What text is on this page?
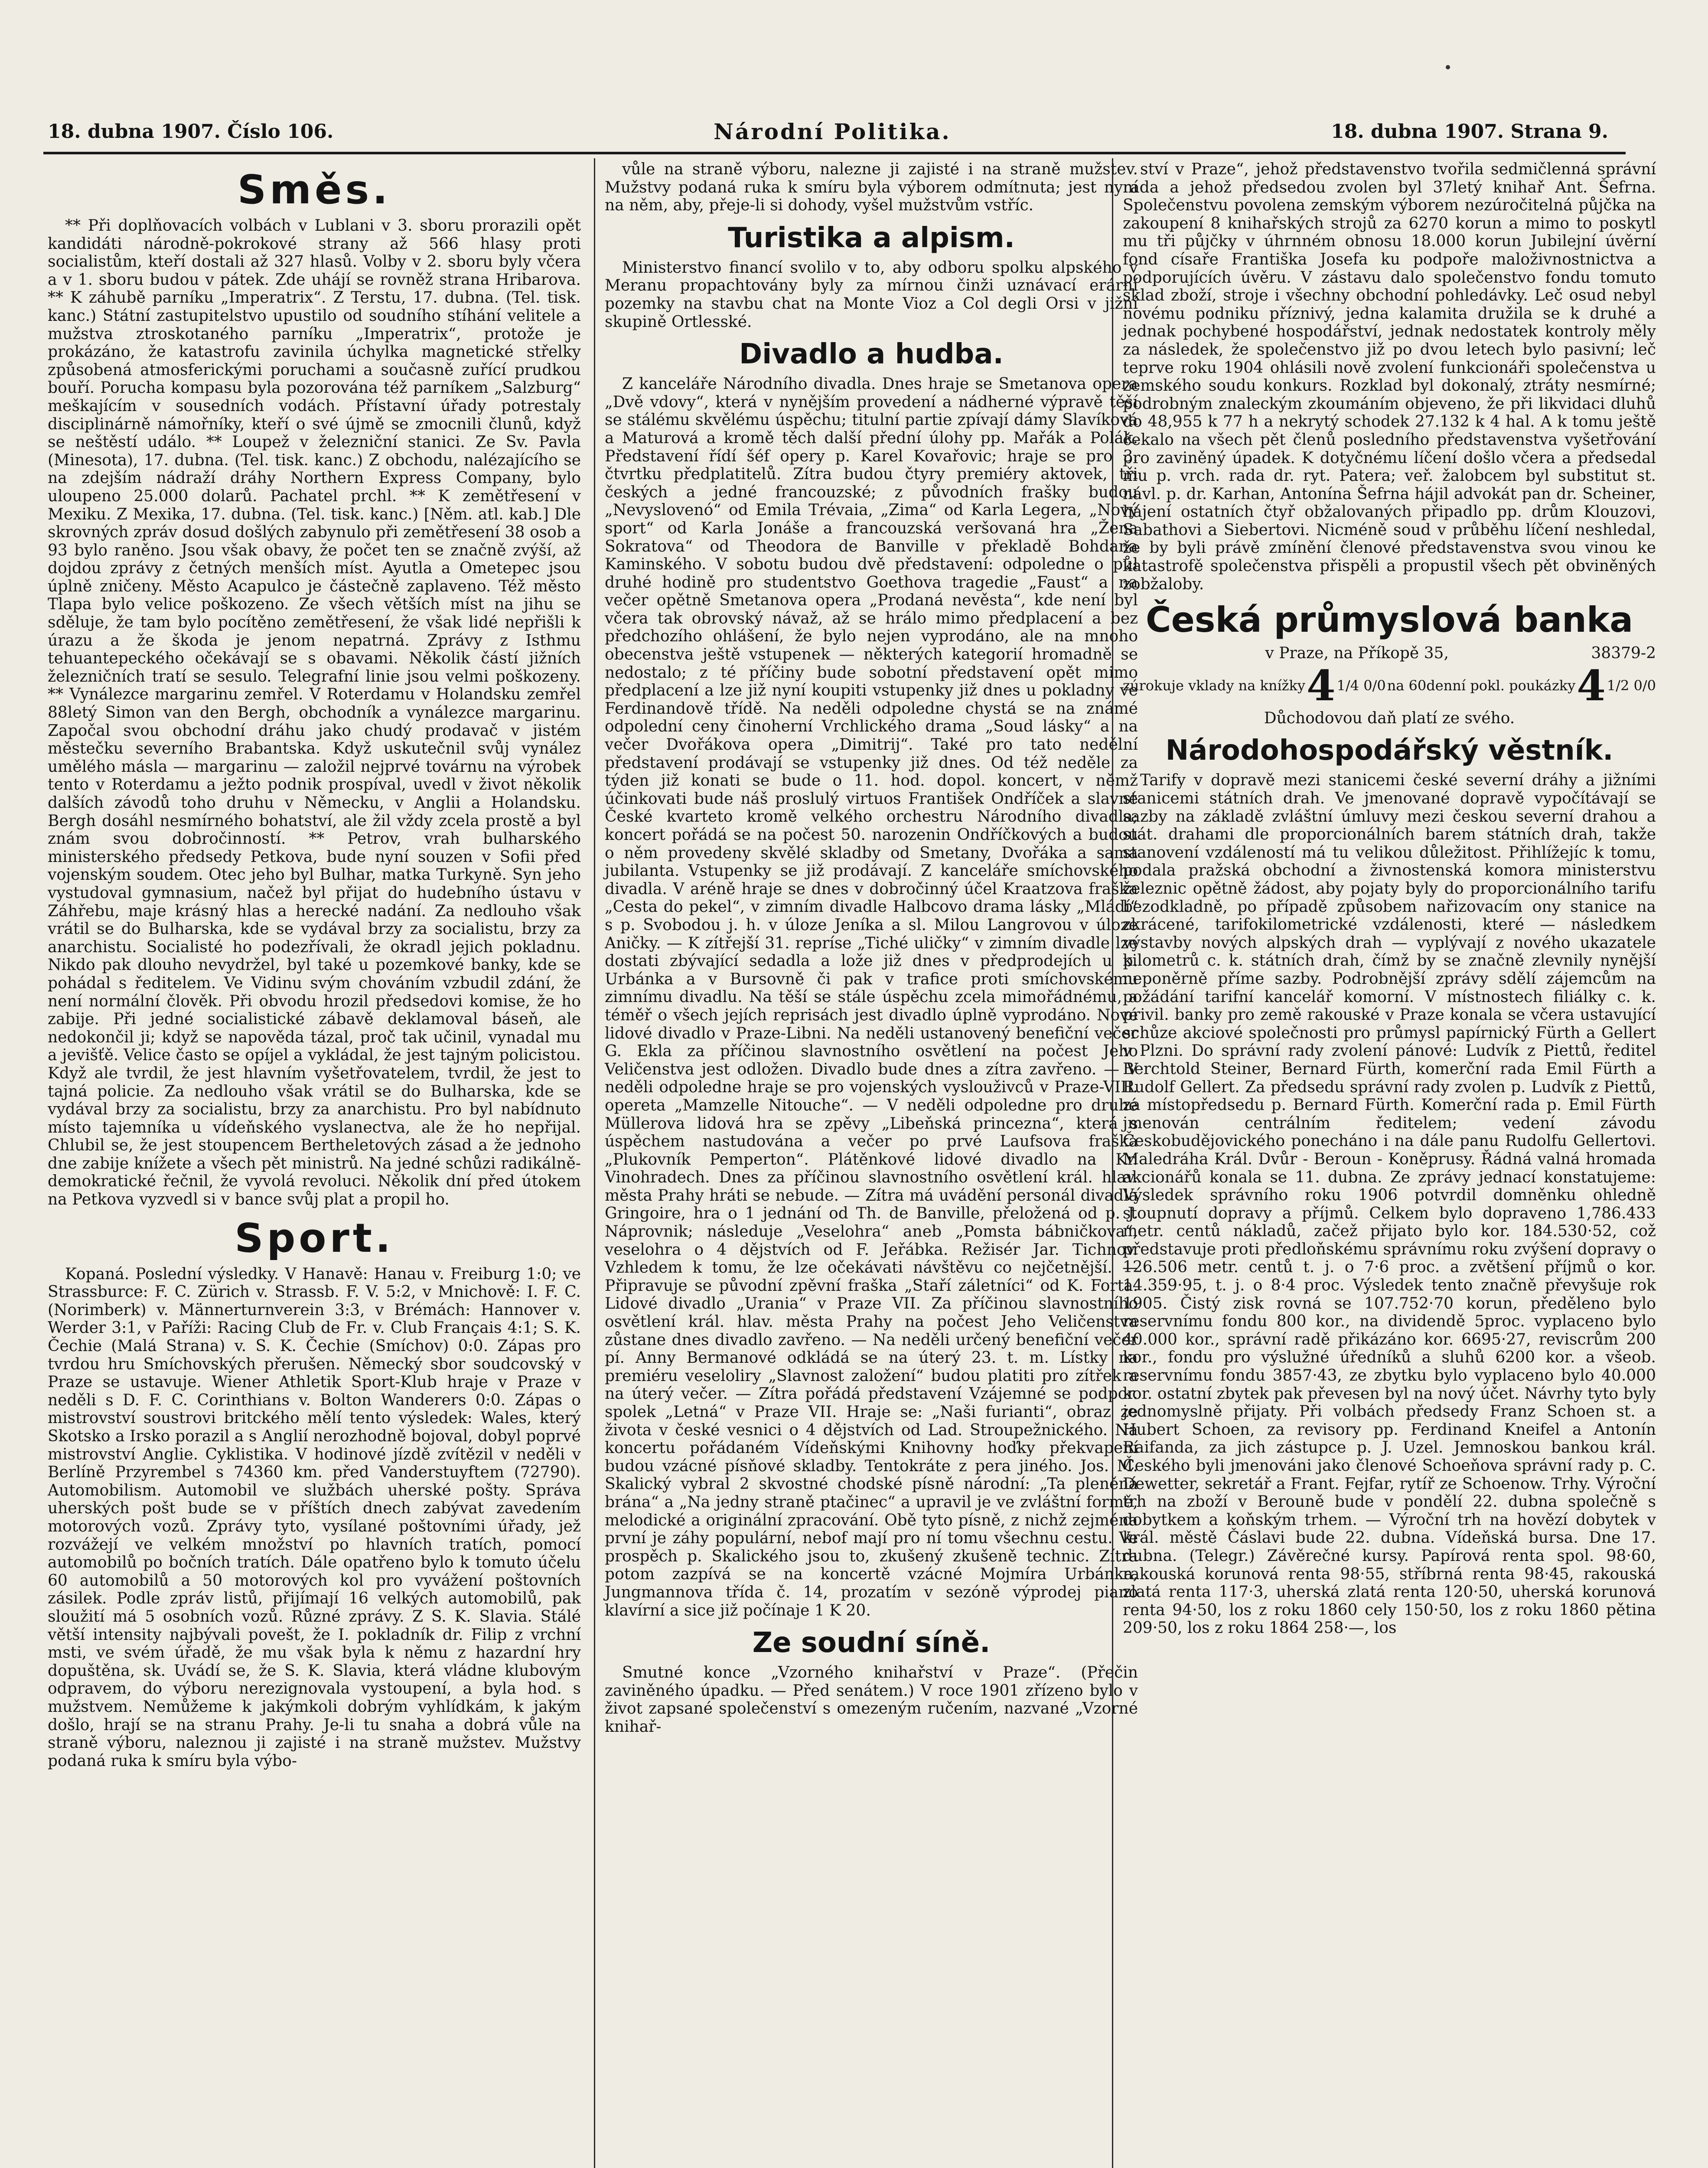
18. dubna 1907. Číslo 106.	Národní Politika.	18. dubna 1907. Strana 9.
Směs.

** Při doplňovacích volbách v Lublani v 3. sboru prorazili opět kandidáti národně-pokrokové strany až 566 hlasy proti socialistům, kteří dostali až 327 hlasů. Volby v 2. sboru byly včera a v 1. sboru budou v pátek. Zde uhájí se rovněž strana Hribarova. ** K záhubě parníku „Imperatrix“. Z Terstu, 17. dubna. (Tel. tisk. kanc.) Státní zastupitelstvo upustilo od soudního stíhání velitele a mužstva ztroskotaného parníku „Imperatrix“, protože je prokázáno, že katastrofu zavinila úchylka magnetické střelky způsobená atmosferickými poruchami a současně zuřící prudkou bouří. Porucha kompasu byla pozorována též parníkem „Salzburg“ meškajícím v sousedních vodách. Přístavní úřady potrestaly disciplinárně námořníky, kteří o své újmě se zmocnili člunů, když se neštěstí událo. ** Loupež v železniční stanici. Ze Sv. Pavla (Minesota), 17. dubna. (Tel. tisk. kanc.) Z obchodu, nalézajícího se na zdejším nádraží dráhy Northern Express Company, bylo uloupeno 25.000 dolarů. Pachatel prchl. ** K zemětřesení v Mexiku. Z Mexika, 17. dubna. (Tel. tisk. kanc.) [Něm. atl. kab.] Dle skrovných zpráv dosud došlých zabynulo při zemětřesení 38 osob a 93 bylo raněno. Jsou však obavy, že počet ten se značně zvýší, až dojdou zprávy z četných menších míst. Ayutla a Ometepec jsou úplně zničeny. Město Acapulco je částečně zaplaveno. Též město Tlapa bylo velice poškozeno. Ze všech větších míst na jihu se sděluje, že tam bylo pocítěno zemětřesení, že však lidé nepřišli k úrazu a že škoda je jenom nepatrná. Zprávy z Isthmu tehuantepeckého očekávají se s obavami. Několik částí jižních železničních tratí se sesulo. Telegrafní linie jsou velmi poškozeny. ** Vynálezce margarinu zemřel. V Roterdamu v Holandsku zemřel 88letý Simon van den Bergh, obchodník a vynálezce margarinu. Započal svou obchodní dráhu jako chudý prodavač v jistém městečku severního Brabantska. Když uskutečnil svůj vynález umělého másla — margarinu — založil nejprvé továrnu na výrobek tento v Roterdamu a ježto podnik prospíval, uvedl v život několik dalších závodů toho druhu v Německu, v Anglii a Holandsku. Bergh dosáhl nesmírného bohatství, ale žil vždy zcela prostě a byl znám svou dobročinností. ** Petrov, vrah bulharského ministerského předsedy Petkova, bude nyní souzen v Sofii před vojenským soudem. Otec jeho byl Bulhar, matka Turkyně. Syn jeho vystudoval gymnasium, načež byl přijat do hudebního ústavu v Záhřebu, maje krásný hlas a herecké nadání. Za nedlouho však vrátil se do Bulharska, kde se vydával brzy za socialistu, brzy za anarchistu. Socialisté ho podezřívali, že okradl jejich pokladnu. Nikdo pak dlouho nevydržel, byl také u pozemkové banky, kde se pohádal s ředitelem. Ve Vidinu svým chováním vzbudil zdání, že není normální člověk. Při obvodu hrozil předsedovi komise, že ho zabije. Při jedné socialistické zábavě deklamoval báseň, ale nedokončil ji; když se napověda tázal, proč tak učinil, vynadal mu a jevišťě. Velice často se opíjel a vykládal, že jest tajným policistou. Když ale tvrdil, že jest hlavním vyšetřovatelem, tvrdil, že jest to tajná policie. Za nedlouho však vrátil se do Bulharska, kde se vydával brzy za socialistu, brzy za anarchistu. Pro byl nabídnuto místo tajemníka u vídeňského vyslanectva, ale že ho nepřijal. Chlubil se, že jest stoupencem Bertheletových zásad a že jednoho dne zabije knížete a všech pět ministrů. Na jedné schůzi radikálně-demokratické řečnil, že vyvolá revoluci. Několik dní před útokem na Petkova vyzvedl si v bance svůj plat a propil ho.

Sport.

Kopaná. Poslední výsledky. V Hanavě: Hanau v. Freiburg 1:0; ve Strassburce: F. C. Zürich v. Strassb. F. V. 5:2, v Mnichově: I. F. C. (Norimberk) v. Männerturnverein 3:3, v Brémách: Hannover v. Werder 3:1, v Paříži: Racing Club de Fr. v. Club Français 4:1; S. K. Čechie (Malá Strana) v. S. K. Čechie (Smíchov) 0:0. Zápas pro tvrdou hru Smíchovských přerušen. Německý sbor soudcovský v Praze se ustavuje. Wiener Athletik Sport-Klub hraje v Praze v neděli s D. F. C. Corinthians v. Bolton Wanderers 0:0. Zápas o mistrovství soustrovi britckého mělí tento výsledek: Wales, který Skotsko a Irsko porazil a s Anglií nerozhodně bojoval, dobyl poprvé mistrovství Anglie. Cyklistika. V hodinové jízdě zvítězil v neděli v Berlíně Przyrembel s 74360 km. před Vanderstuyftem (72790). Automobilism. Automobil ve službách uherské pošty. Správa uherských pošt bude se v příštích dnech zabývat zavedením motorových vozů. Zprávy tyto, vysílané poštovními úřady, jež rozvážejí ve velkém množství po hlavních tratích, pomocí automobilů po bočních tratích. Dále opatřeno bylo k tomuto účelu 60 automobilů a 50 motorových kol pro vyvážení poštovních zásilek. Podle zpráv listů, přijímají 16 velkých automobilů, pak sloužití má 5 osobních vozů. Různé zprávy. Z S. K. Slavia. Stálé větší intensity najbývali povešt, že I. pokladník dr. Filip z vrchní msti, ve svém úřadě, že mu však byla k němu z hazardní hry dopuštěna, sk. Uvádí se, že S. K. Slavia, která vládne klubovým odpravem, do výboru nerezignovala vystoupení, a byla hod. s mužstvem. Nemůžeme k jakýmkoli dobrým vyhlídkám, k jakým došlo, hrají se na stranu Prahy. Je-li tu snaha a dobrá vůle na straně výboru, naleznou ji zajisté i na straně mužstev. Mužstvy podaná ruka k smíru byla výbo-

vůle na straně výboru, nalezne ji zajisté i na straně mužstev. Mužstvy podaná ruka k smíru byla výborem odmítnuta; jest nyní na něm, aby, přeje-li si dohody, vyšel mužstvům vstříc.

Turistika a alpism.

Ministerstvo financí svolilo v to, aby odboru spolku alpského v Meranu propachtovány byly za mírnou činži uznávací erární pozemky na stavbu chat na Monte Vioz a Col degli Orsi v jižní skupině Ortlesské.

Divadlo a hudba.

Z kanceláře Národního divadla. Dnes hraje se Smetanova opera „Dvě vdovy“, která v nynějším provedení a nádherné výpravě těší se stálému skvělému úspěchu; titulní partie zpívají dámy Slavíková a Maturová a kromě těch další přední úlohy pp. Mařák a Polák. Představení řídí šéf opery p. Karel Kovařovic; hraje se pro 3. čtvrtku předplatitelů. Zítra budou čtyry premiéry aktovek, tři českých a jedné francouzské; z původních frašky budou „Nevyslovenó“ od Emila Trévaia, „Zima“ od Karla Legera, „Nový sport“ od Karla Jonáše a francouzská veršovaná hra „Žena Sokratova“ od Theodora de Banville v překladě Bohdana Kaminského. V sobotu budou dvě představení: odpoledne o půl druhé hodině pro studentstvo Goethova tragedie „Faust“ a na večer opětně Smetanova opera „Prodaná nevěsta“, kde není byl včera tak obrovský návaž, až se hrálo mimo předplacení a bez předchozího ohlášení, že bylo nejen vyprodáno, ale na mnoho obecenstva ještě vstupenek — některých kategorií hromadně se nedostalo; z té příčiny bude sobotní představení opět mimo předplacení a lze již nyní koupiti vstupenky již dnes u pokladny ve Ferdinandově třídě. Na neděli odpoledne chystá se na známé odpolední ceny činoherní Vrchlického drama „Soud lásky“ a na večer Dvořákova opera „Dimitrij“. Také pro tato nedělní představení prodávají se vstupenky již dnes. Od též neděle za týden již konati se bude o 11. hod. dopol. koncert, v němž účinkovati bude náš proslulý virtuos František Ondříček a slavné České kvarteto kromě velkého orchestru Národního divadla; koncert pořádá se na počest 50. narozenin Ondříčkových a budou o něm provedeny skvělé skladby od Smetany, Dvořáka a sama jubilanta. Vstupenky se již prodávají. Z kanceláře smíchovského divadla. V aréně hraje se dnes v dobročinný účel Kraatzova fraška „Cesta do pekel“, v zimním divadle Halbcovo drama lásky „Mládí“ s p. Svobodou j. h. v úloze Jeníka a sl. Milou Langrovou v úloze Aničky. — K zítřejší 31. repríse „Tiché uličky“ v zimním divadle lze dostati zbývající sedadla a lože již dnes v předprodejích u p. Urbánka a v Bursovně či pak v trafice proti smíchovskému zimnímu divadlu. Na těší se stále úspěchu zcela mimořádnému, a téměř o všech jejích reprisách jest divadlo úplně vyprodáno. Nové lidové divadlo v Praze-Libni. Na neděli ustanovený benefiční večer G. Ekla za příčinou slavnostního osvětlení na počest Jeho Veličenstva jest odložen. Divadlo bude dnes a zítra zavřeno. — V neděli odpoledne hraje se pro vojenských vyslouživců v Praze-VIII. opereta „Mamzelle Nitouche“. — V neděli odpoledne pro druhé Müllerova lidová hra se zpěvy „Libeňská princezna“, která s úspěchem nastudována a večer po prvé Laufsova fraška „Plukovník Pemperton“. Plátěnkové lidové divadlo na Kr. Vinohradech. Dnes za příčinou slavnostního osvětlení král. hlav. města Prahy hráti se nebude. — Zítra má uvádění personál divadla Gringoire, hra o 1 jednání od Th. de Banville, přeložená od p. J. Náprovnik; následuje „Veselohra“ aneb „Pomsta bábničkova“, veselohra o 4 dějstvích od F. Jeřábka. Režisér Jar. Tichnov. Vzhledem k tomu, že lze očekávati návštěvu co nejčetnější. — Připravuje se původní zpěvní fraška „Staří záletníci“ od K. Forta. Lidové divadlo „Urania“ v Praze VII. Za příčinou slavnostního osvětlení král. hlav. města Prahy na počest Jeho Veličenstva zůstane dnes divadlo zavřeno. — Na neděli určený benefiční večer pí. Anny Bermanové odkládá se na úterý 23. t. m. Lístky na premiéru veseloliry „Slavnost založení“ budou platiti pro zítřek a na úterý večer. — Zítra pořádá představení Vzájemné se podpor. spolek „Letná“ v Praze VII. Hraje se: „Naši furianti“, obraz ze života v české vesnici o 4 dějstvích od Lad. Stroupežnického. Na koncertu pořádaném Vídeňskými Knihovny hoďky překvapení budou vzácné písňové skladby. Tentokráte z pera jiného. Jos. M. Skalický vybral 2 skvostné chodské písně národní: „Ta pleněná brána“ a „Na jedny straně ptačinec“ a upravil je ve zvláštní formě, melodické a originální zpracování. Obě tyto písně, z nichž zejména první je záhy populární, nebof mají pro ní tomu všechnu cestu. Ve prospěch p. Skalického jsou to, zkušený zkušeně technic. Zítra potom zazpívá se na koncertě vzácné Mojmíra Urbánka, Jungmannova třída č. 14, prozatím v sezóně výprodej piano klavírní a sice již počínaje 1 K 20.

Ze soudní síně.

Smutné konce „Vzorného knihařství v Praze“. (Přečin zaviněného úpadku. — Před senátem.) V roce 1901 zřízeno bylo v život zapsané společenství s omezeným ručením, nazvané „Vzorné knihař-

ství v Praze“, jehož představenstvo tvořila sedmičlenná správní rada a jehož předsedou zvolen byl 37letý knihař Ant. Šefrna. Společenstvu povolena zemským výborem nezúročitelná půjčka na zakoupení 8 knihařských strojů za 6270 korun a mimo to poskytl mu tři půjčky v úhrnném obnosu 18.000 korun Jubilejní úvěrní fond císaře Františka Josefa ku podpoře maloživnostnictva a podporujících úvěru. V zástavu dalo společenstvo fondu tomuto sklad zboží, stroje i všechny obchodní pohledávky. Leč osud nebyl novému podniku příznivý, jedna kalamita družila se k druhé a jednak pochybené hospodářství, jednak nedostatek kontroly měly za následek, že společenstvo již po dvou letech bylo pasivní; leč teprve roku 1904 ohlásili nově zvolení funkcionáři společenstva u zemského soudu konkurs. Rozklad byl dokonalý, ztráty nesmírné; podrobným znaleckým zkoumáním objeveno, že při likvidaci dluhů do 48,955 k 77 h a nekrytý schodek 27.132 k 4 hal. A k tomu ještě čekalo na všech pět členů posledního představenstva vyšetřování pro zaviněný úpadek. K dotyčnému líčení došlo včera a předsedal mu p. vrch. rada dr. ryt. Patera; veř. žalobcem byl substitut st. návl. p. dr. Karhan, Antonína Šefrna hájil advokát pan dr. Scheiner, hájení ostatních čtyř obžalovaných připadlo pp. drům Klouzovi, Sabathovi a Siebertovi. Nicméně soud v průběhu líčení neshledal, že by byli právě zmínění členové představenstva svou vinou ke katastrofě společenstva přispěli a propustil všech pět obviněných zobžaloby.

Česká průmyslová banka
v Praze, na Příkopě 35,	38379-2
zúrokuje vklady na knížky 4 1/4 0/0 na 60denní pokl. poukázky 4 1/2 0/0
Důchodovou daň platí ze svého.
Národohospodářský věstník.

Tarify v dopravě mezi stanicemi české severní dráhy a jižními stanicemi státních drah. Ve jmenované dopravě vypočítávají se sazby na základě zvláštní úmluvy mezi českou severní drahou a stát. drahami dle proporcionálních barem státních drah, takže stanovení vzdáleností má tu velikou důležitost. Přihlížejíc k tomu, podala pražská obchodní a živnostenská komora ministerstvu železnic opětně žádost, aby pojaty byly do proporcionálního tarifu bezodkladně, po případě způsobem nařizovacím ony stanice na zkrácené, tarifokilometrické vzdálenosti, které — následkem výstavby nových alpských drah — vyplývají z nového ukazatele kilometrů c. k. státních drah, čímž by se značně zlevnily nynější neponěrně příme sazby. Podrobnější zprávy sdělí zájemcům na požádání tarifní kancelář komorní. V místnostech filiálky c. k. privil. banky pro země rakouské v Praze konala se včera ustavující schůze akciové společnosti pro průmysl papírnický Fürth a Gellert v Plzni. Do správní rady zvolení pánové: Ludvík z Piettů, ředitel Berchtold Steiner, Bernard Fürth, komerční rada Emil Fürth a Rudolf Gellert. Za předsedu správní rady zvolen p. Ludvík z Piettů, za místopředsedu p. Bernard Fürth. Komerční rada p. Emil Fürth jmenován centrálním ředitelem; vedení závodu Českobudějovického ponecháno i na dále panu Rudolfu Gellertovi. Maledráha Král. Dvůr - Beroun - Koněprusy. Řádná valná hromada akcionářů konala se 11. dubna. Ze zprávy jednací konstatujeme: Výsledek správního roku 1906 potvrdil domněnku ohledně stoupnutí dopravy a příjmů. Celkem bylo dopraveno 1,786.433 metr. centů nákladů, začež přijato bylo kor. 184.530·52, což představuje proti předloňskému správnímu roku zvýšení dopravy o 126.506 metr. centů t. j. o 7·6 proc. a zvětšení příjmů o kor. 14.359·95, t. j. o 8·4 proc. Výsledek tento značně převyšuje rok 1905. Čistý zisk rovná se 107.752·70 korun, předěleno bylo reservnímu fondu 800 kor., na dividendě 5proc. vyplaceno bylo 40.000 kor., správní radě přikázáno kor. 6695·27, reviscrům 200 kor., fondu pro výslužné úředníků a sluhů 6200 kor. a všeob. reservnímu fondu 3857·43, ze zbytku bylo vyplaceno bylo 40.000 kor. ostatní zbytek pak převesen byl na nový účet. Návrhy tyto byly jednomyslně přijaty. Při volbách předsedy Franz Schoen st. a Hubert Schoen, za revisory pp. Ferdinand Kneifel a Antonín Raifanda, za jich zástupce p. J. Uzel. Jemnoskou bankou král. Českého byli jmenováni jako členové Schoeňova správní rady p. C. Dewetter, sekretář a Frant. Fejfar, rytíř ze Schoenow. Trhy. Výroční trh na zboží v Berouně bude v pondělí 22. dubna společně s dobytkem a koňským trhem. — Výroční trh na hovězí dobytek v král. městě Čáslavi bude 22. dubna. Vídeňská bursa. Dne 17. dubna. (Telegr.) Závěrečné kursy. Papírová renta spol. 98·60, rakouská korunová renta 98·55, stříbrná renta 98·45, rakouská zlatá renta 117·3, uherská zlatá renta 120·50, uherská korunová renta 94·50, los z roku 1860 cely 150·50, los z roku 1860 pětina 209·50, los z roku 1864 258·—, los
